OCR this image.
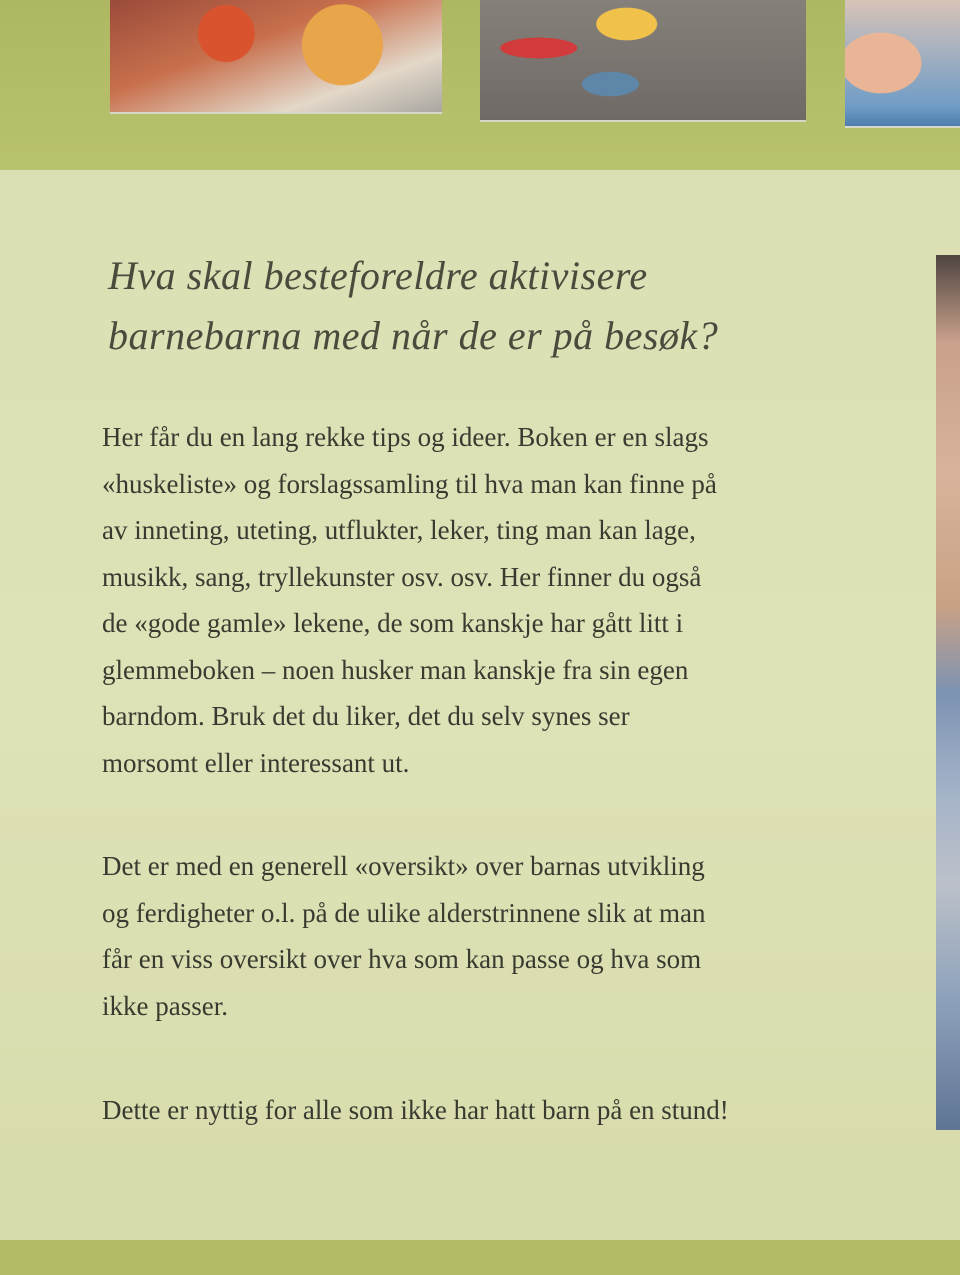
Hva skal besteforeldre aktivisere
barnebarna med når de er på besøk?

Her får du en lang rekke tips og ideer. Boken er en slags
«huskeliste» og forslagssamling til hva man kan finne på
av inneting, uteting, utflukter, leker, ting man kan lage,
musikk, sang, tryllekunster osv. osv. Her finner du også
de «gode gamle» lekene, de som kanskje har gått litt i
glemmeboken – noen husker man kanskje fra sin egen
barndom. Bruk det du liker, det du selv synes ser
morsomt eller interessant ut.

Det er med en generell «oversikt» over barnas utvikling
og ferdigheter o.l. på de ulike alderstrinnene slik at man
får en viss oversikt over hva som kan passe og hva som
ikke passer.

Dette er nyttig for alle som ikke har hatt barn på en stund!
